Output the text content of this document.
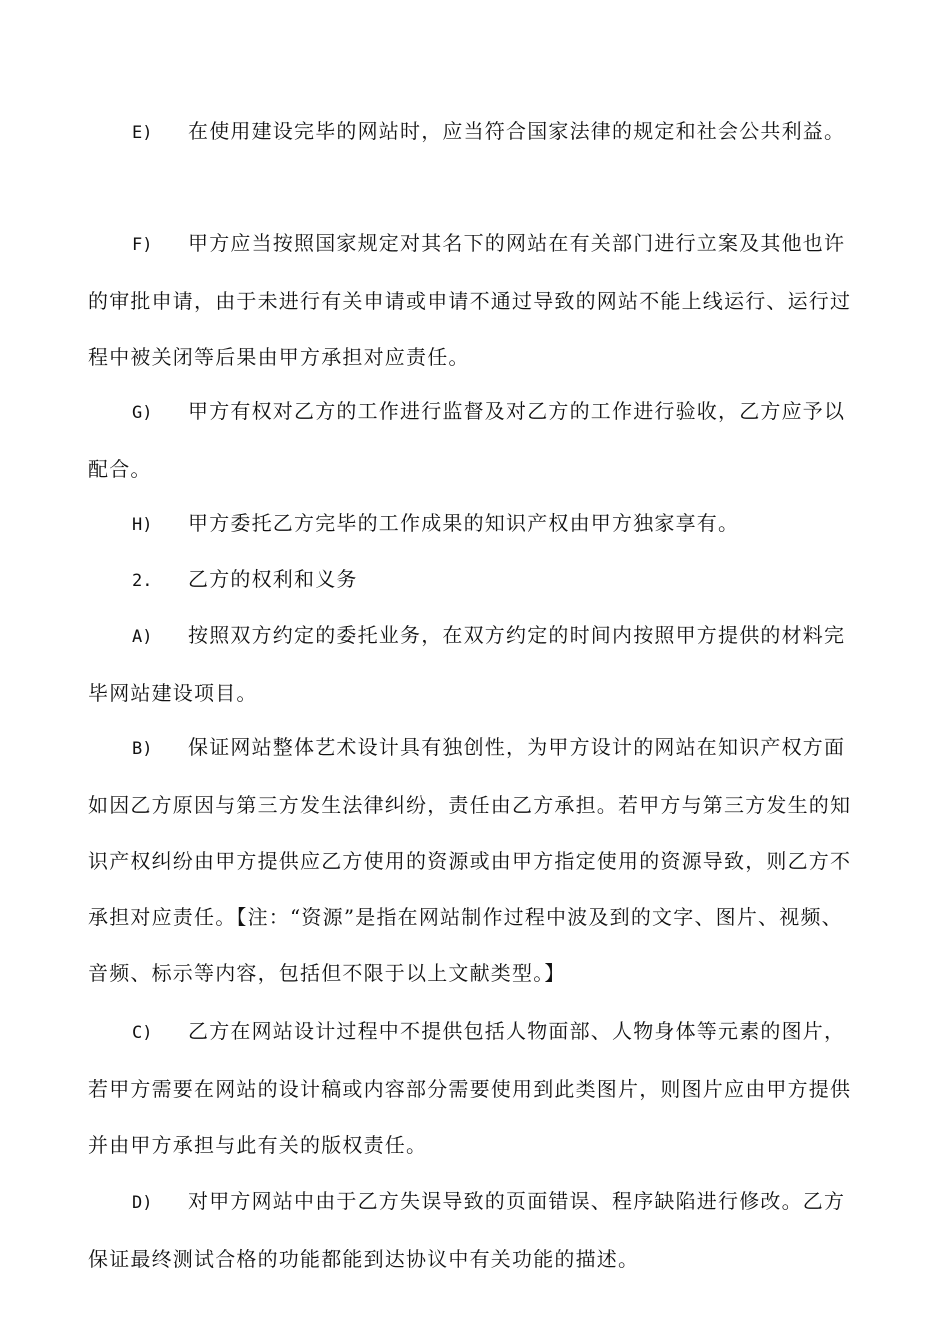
E) 在使用建设完毕的网站时，应当符合国家法律的规定和社会公共利益。

F) 甲方应当按照国家规定对其名下的网站在有关部门进行立案及其他也许的审批申请，由于未进行有关申请或申请不通过导致的网站不能上线运行、运行过程中被关闭等后果由甲方承担对应责任。

G) 甲方有权对乙方的工作进行监督及对乙方的工作进行验收，乙方应予以配合。

H) 甲方委托乙方完毕的工作成果的知识产权由甲方独家享有。

2. 乙方的权利和义务

A) 按照双方约定的委托业务，在双方约定的时间内按照甲方提供的材料完毕网站建设项目。

B) 保证网站整体艺术设计具有独创性，为甲方设计的网站在知识产权方面如因乙方原因与第三方发生法律纠纷，责任由乙方承担。若甲方与第三方发生的知识产权纠纷由甲方提供应乙方使用的资源或由甲方指定使用的资源导致，则乙方不承担对应责任。【注：“资源”是指在网站制作过程中波及到的文字、图片、视频、音频、标示等内容，包括但不限于以上文献类型。】

C) 乙方在网站设计过程中不提供包括人物面部、人物身体等元素的图片，若甲方需要在网站的设计稿或内容部分需要使用到此类图片，则图片应由甲方提供并由甲方承担与此有关的版权责任。

D) 对甲方网站中由于乙方失误导致的页面错误、程序缺陷进行修改。乙方保证最终测试合格的功能都能到达协议中有关功能的描述。
